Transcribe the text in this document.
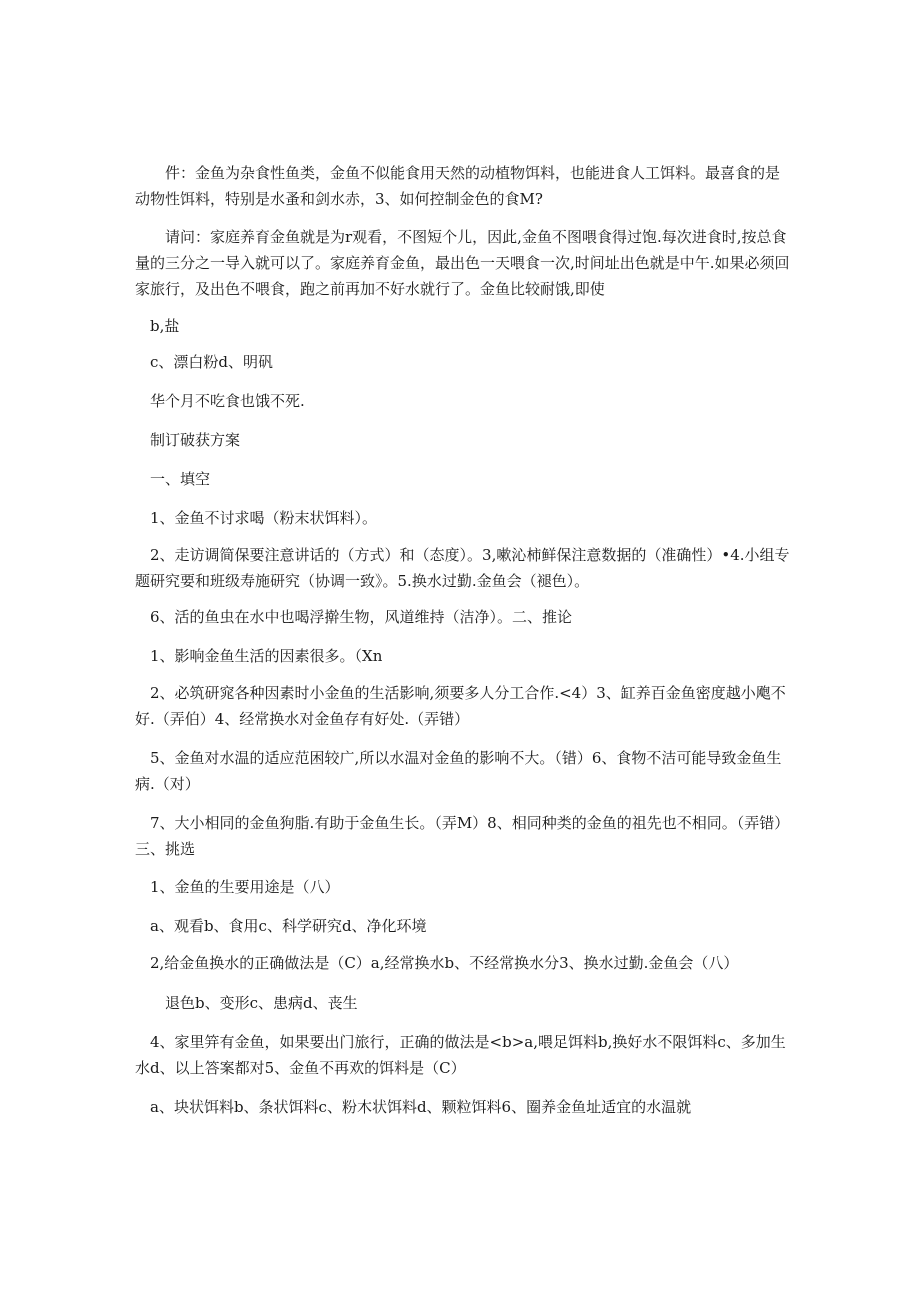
件：金鱼为杂食性鱼类，金鱼不似能食用天然的动植物饵料，也能进食人工饵料。最喜食的是动物性饵料，特别是水蚤和剑水赤，3、如何控制金色的食M?

请问：家庭养育金鱼就是为r观看，不图短个儿，因此,金鱼不图喂食得过饱.每次进食时,按总食量的三分之一导入就可以了。家庭养育金鱼，最出色一天喂食一次,时间址出色就是中午.如果必须回家旅行，及出色不喂食，跑之前再加不好水就行了。金鱼比较耐饿,即使

b,盐

c、漂白粉d、明矾

华个月不吃食也饿不死.

制订破获方案

一、填空

1、金鱼不讨求喝（粉末状饵料）。

2、走访调简保要注意讲话的（方式）和（态度）。3,嗽沁柿鲜保注意数据的（准确性）•4.小组专题研究要和班级寿施研究（协调一致》。5.换水过勤.金鱼会（褪色）。

6、活的鱼虫在水中也喝浮擀生物，风道维持（洁净）。二、推论

1、影响金鱼生活的因素很多。（Xn

2、必筑研窕各种因素时小金鱼的生活影响,须要多人分工合作.<4）3、缸养百金鱼密度越小飑不好.（弄伯）4、经常换水对金鱼存有好处.（弄错）

5、金鱼对水温的适应范困较广,所以水温对金鱼的影响不大。（错）6、食物不洁可能导致金鱼生病.（对）

7、大小相同的金鱼狗脂.有助于金鱼生长。（弄M）8、相同种类的金鱼的祖先也不相同。（弄错）三、挑选

1、金鱼的生要用途是（八）

a、观看b、食用c、科学研究d、净化环境

2,给金鱼换水的正确做法是（C）a,经常换水b、不经常换水分3、换水过勤.金鱼会（八）

退色b、变形c、患病d、丧生

4、家里笄有金鱼，如果要出门旅行，正确的做法是<b>a,喂足饵料b,换好水不限饵料c、多加生水d、以上答案都对5、金鱼不再欢的饵料是（C）

a、块状饵料b、条状饵料c、粉木状饵料d、颗粒饵料6、圈养金鱼址适宜的水温就
